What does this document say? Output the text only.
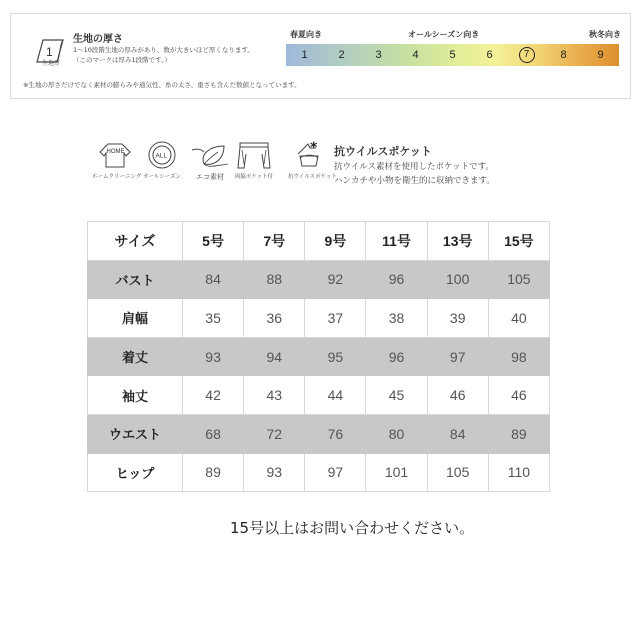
1
生地厚
生地の厚さ
1～10段階生地の厚みがあり、数が大きいほど厚くなります。
（このマークは厚み1段階です。）
春夏向き	オールシーズン向き	秋冬向き
1	2	3	4	5	6	7	8	9
※生地の厚さだけでなく素材の膨らみや通気性、糸の太さ、重さも含んだ数値となっています。
HOME
ホームクリーニング
ALL
オールシーズン	エコ素材	両脇ポケット付
*
抗ウイルスポケット
抗ウイルスポケット
抗ウイルス素材を使用したポケットです。
ハンカチや小物を衛生的に収納できます。
サイズ	5号	7号	9号	11号	13号	15号
バスト	84	88	92	96	100	105
肩幅	35	36	37	38	39	40
着丈	93	94	95	96	97	98
袖丈	42	43	44	45	46	46
ウエスト	68	72	76	80	84	89
ヒップ	89	93	97	101	105	110
15号以上はお問い合わせください。
